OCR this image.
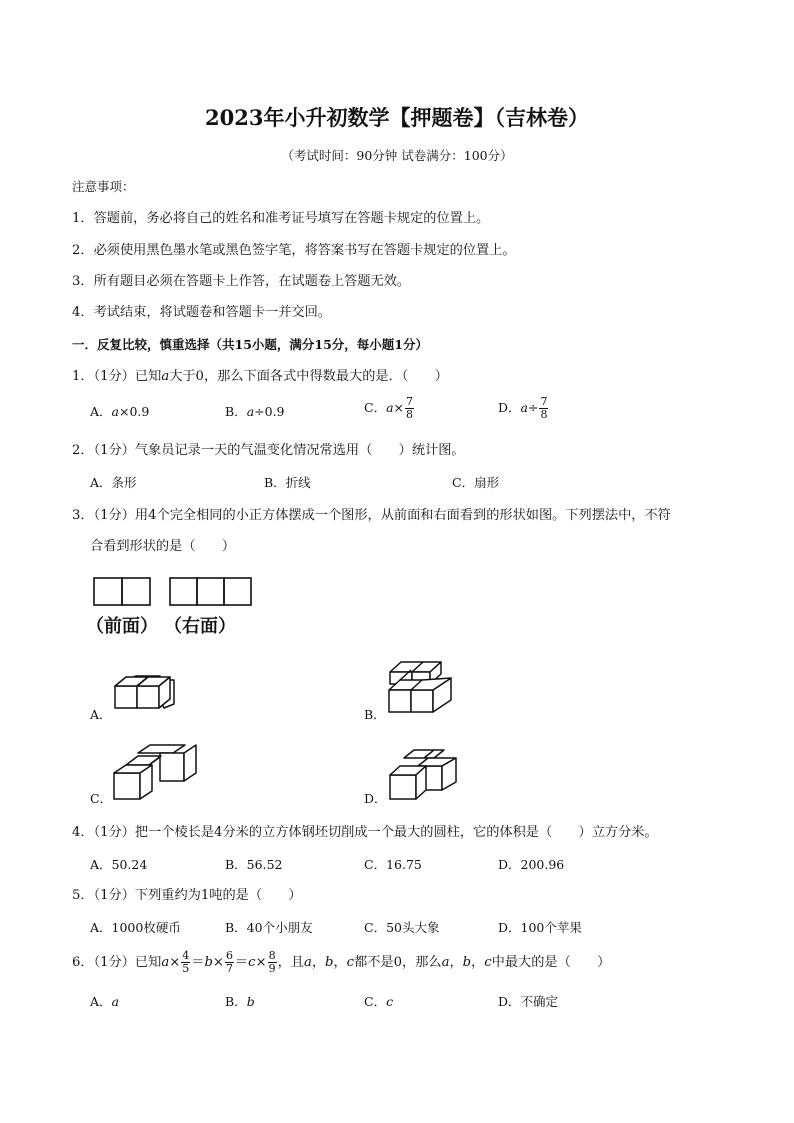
2023年小升初数学【押题卷】（吉林卷）
（考试时间：90分钟 试卷满分：100分）
注意事项：
1．答题前，务必将自己的姓名和准考证号填写在答题卡规定的位置上。
2．必须使用黑色墨水笔或黑色签字笔，将答案书写在答题卡规定的位置上。
3．所有题目必须在答题卡上作答，在试题卷上答题无效。
4．考试结束，将试题卷和答题卡一并交回。
一．反复比较，慎重选择（共15小题，满分15分，每小题1分）
1．（1分）已知a大于0，那么下面各式中得数最大的是．（　　）
A．a×0.9	B．a÷0.9	C．$a\times \frac{7}{8}$	D．$a\div \frac{7}{8}$
2．（1分）气象员记录一天的气温变化情况常选用（　　）统计图。
A．条形	B．折线	C．扇形
3．（1分）用4个完全相同的小正方体摆成一个图形，从前面和右面看到的形状如图。下列摆法中，不符
合看到形状的是（　　）
（前面） （右面）
A．	B．
C．	D．
4．（1分）把一个棱长是4分米的立方体钢坯切削成一个最大的圆柱，它的体积是（　　）立方分米。
A．50.24	B．56.52	C．16.75	D．200.96
5．（1分）下列重约为1吨的是（　　）
A．1000枚硬币	B．40个小朋友	C．50头大象	D．100个苹果
6．（1分）已知$a\times \frac{4}{5} =b\times \frac{6}{7} =c\times \frac{8}{9}$ ，且a，b，c都不是0，那么a，b，c中最大的是（　　）
A．a	B．b	C．c	D．不确定
